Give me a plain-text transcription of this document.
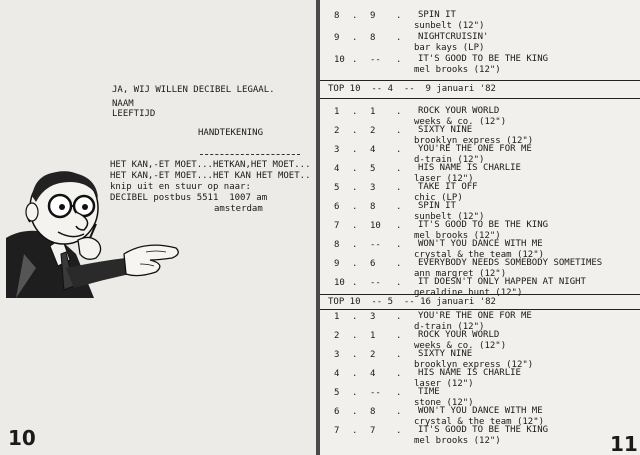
JA, WIJ WILLEN DECIBEL LEGAAL.
NAAM
LEEFTIJD
HANDTEKENING
HET KAN,-ET MOET...HETKAN,HET MOET...
HET KAN,-ET MOET...HET KAN HET MOET..
knip uit en stuur op naar:
DECIBEL postbus 5511  1007 am
amsterdam
10
8 . 9	SPIN IT
sunbelt (12")
.
9 . 8	NIGHTCRUISIN'
bar kays (LP)
.
10 . --	IT'S GOOD TO BE THE KING
mel brooks (12")
.
TOP 10  -- 4  --  9 januari '82
1 . 1	ROCK YOUR WORLD
weeks & co. (12")
.
2 . 2	SIXTY NINE
brooklyn express (12")
.
3 . 4	YOU'RE THE ONE FOR ME
d-train (12")
.
4 . 5	HIS NAME IS CHARLIE
laser (12")
.
5 . 3	TAKE IT OFF
chic (LP)
.
6 . 8	SPIN IT
sunbelt (12")
.
7 . 10	IT'S GOOD TO BE THE KING
mel brooks (12")
.
8 . --	WON'T YOU DANCE WITH ME
crystal & the team (12")
.
9 . 6	EVERYBODY NEEDS SOMEBODY SOMETIMES
ann margret (12")
.
10 . --	IT DOESN'T ONLY HAPPEN AT NIGHT
geraldine hunt (12")
.
TOP 10  -- 5  -- 16 januari '82
1 . 3	YOU'RE THE ONE FOR ME
d-train (12")
.
2 . 1	ROCK YOUR WORLD
weeks & co. (12")
.
3 . 2	SIXTY NINE
brooklyn express (12")
.
4 . 4	HIS NAME IS CHARLIE
laser (12")
.
5 . --	TIME
stone (12")
.
6 . 8	WON'T YOU DANCE WITH ME
crystal & the team (12")
.
7 . 7	IT'S GOOD TO BE THE KING
mel brooks (12")
.
11
